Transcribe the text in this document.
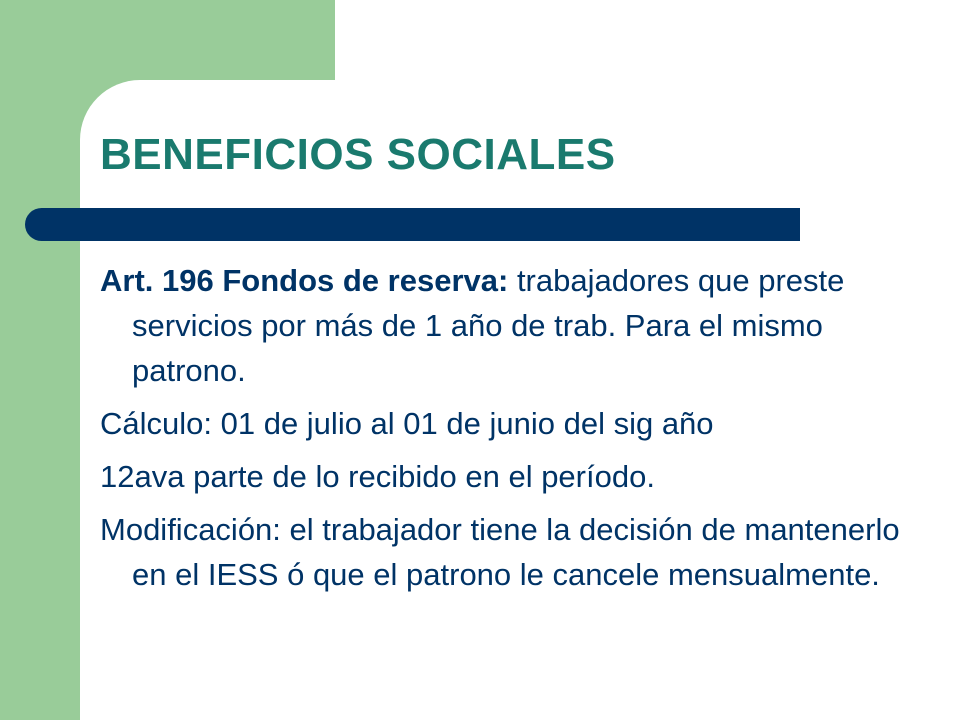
BENEFICIOS SOCIALES

Art. 196 Fondos de reserva: trabajadores que preste servicios por más de 1 año de trab. Para el mismo patrono.

Cálculo: 01 de julio al 01 de junio del sig año

12ava parte de lo recibido en el período.

Modificación: el trabajador tiene la decisión de mantenerlo en el IESS ó que el patrono le cancele mensualmente.
